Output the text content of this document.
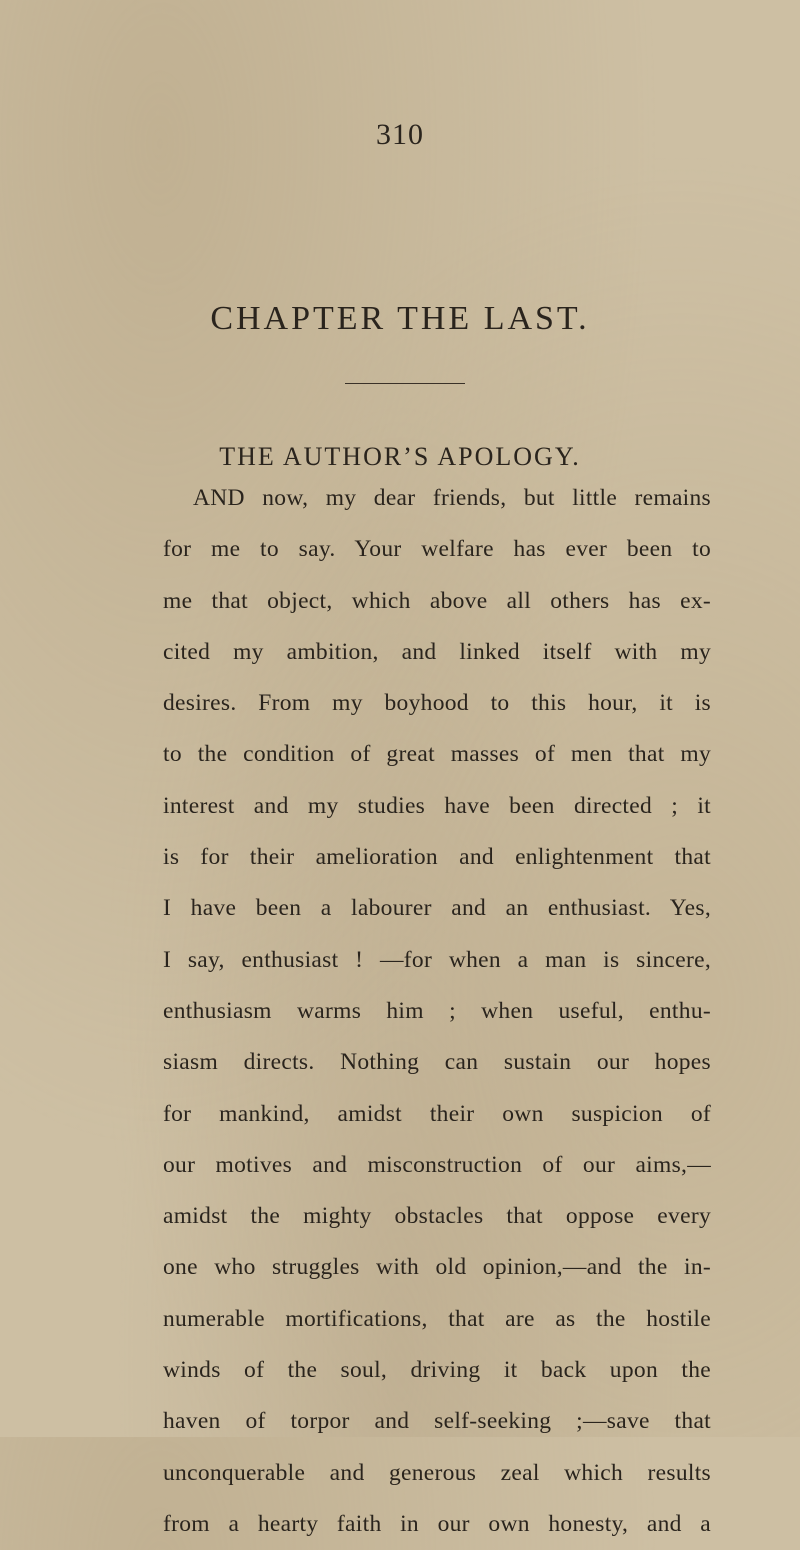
310
CHAPTER THE LAST.
THE AUTHOR’S APOLOGY.
AND now, my dear friends, but little remains
for me to say. Your welfare has ever been to
me that object, which above all others has ex-
cited my ambition, and linked itself with my
desires. From my boyhood to this hour, it is
to the condition of great masses of men that my
interest and my studies have been directed ; it
is for their amelioration and enlightenment that
I have been a labourer and an enthusiast. Yes,
I say, enthusiast ! —for when a man is sincere,
enthusiasm warms him ; when useful, enthu-
siasm directs. Nothing can sustain our hopes
for mankind, amidst their own suspicion of
our motives and misconstruction of our aims,—
amidst the mighty obstacles that oppose every
one who struggles with old opinion,—and the in-
numerable mortifications, that are as the hostile
winds of the soul, driving it back upon the
haven of torpor and self-seeking ;—save that
unconquerable and generous zeal which results
from a hearty faith in our own honesty, and a
